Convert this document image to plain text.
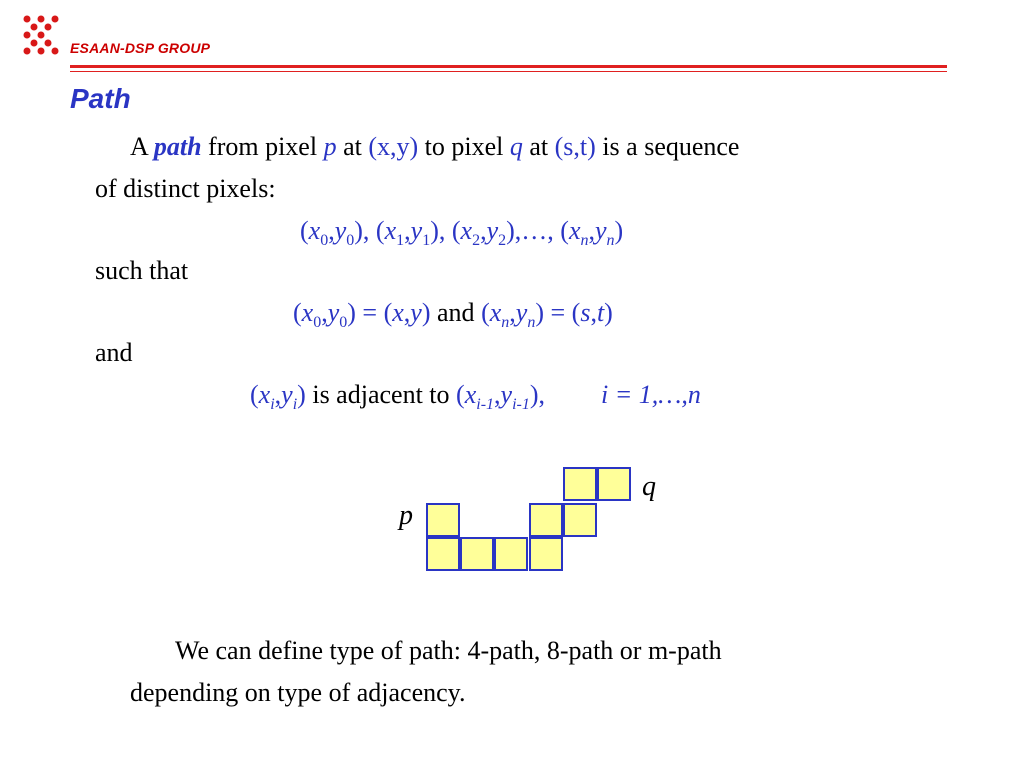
ESAAN-DSP GROUP
Path
A path from pixel p at (x,y) to pixel q at (s,t) is a sequence
of distinct pixels:
$(x_0,y_0)$, $(x_1,y_1)$, $(x_2,y_2),\dots$, $(x_n,y_n)$
such that
$(x_0,y_0) = (x,y)$ and $(x_n,y_n) = (s,t)$
and
$(x_i,y_i)$ is adjacent to $(x_{i-1},y_{i-1})$, i = 1,…,n
p
q
We can define type of path: 4-path, 8-path or m-path
depending on type of adjacency.
